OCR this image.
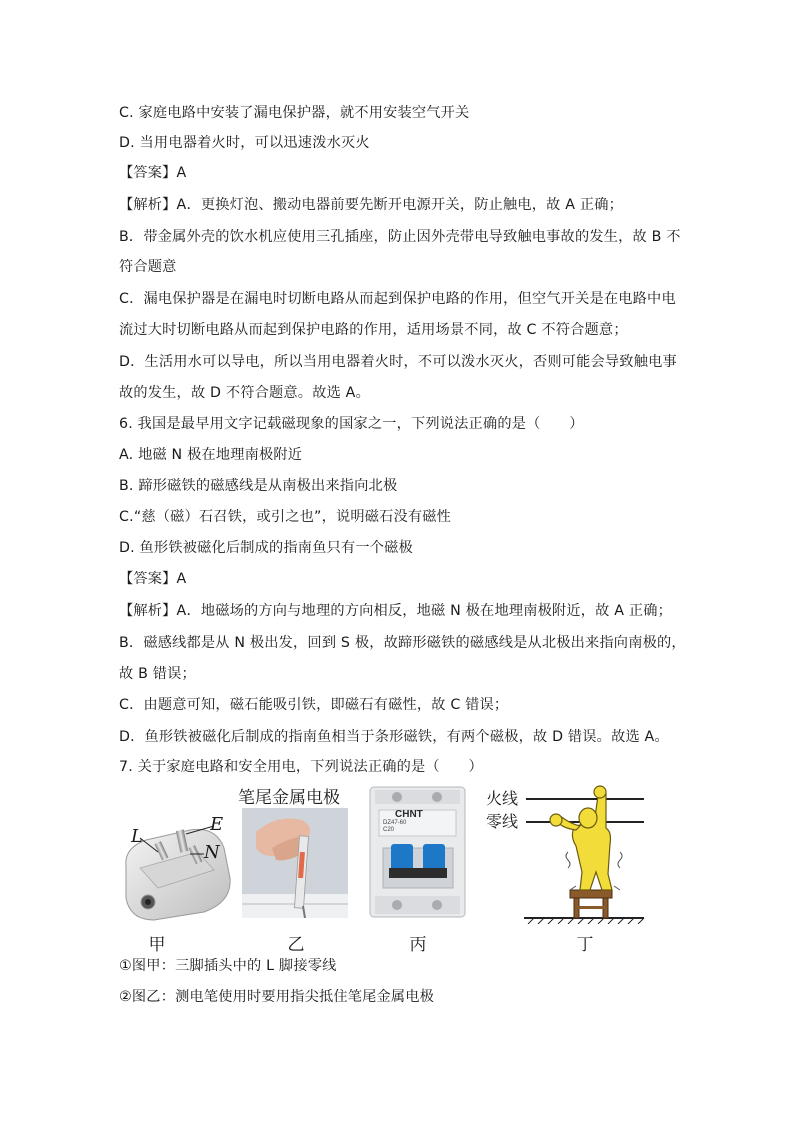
C. 家庭电路中安装了漏电保护器，就不用安装空气开关
D. 当用电器着火时，可以迅速泼水灭火
【答案】A
【解析】A．更换灯泡、搬动电器前要先断开电源开关，防止触电，故 A 正确；
B．带金属外壳的饮水机应使用三孔插座，防止因外壳带电导致触电事故的发生，故 B 不
符合题意
C．漏电保护器是在漏电时切断电路从而起到保护电路的作用，但空气开关是在电路中电
流过大时切断电路从而起到保护电路的作用，适用场景不同，故 C 不符合题意；
D．生活用水可以导电，所以当用电器着火时，不可以泼水灭火，否则可能会导致触电事
故的发生，故 D 不符合题意。故选 A。
6. 我国是最早用文字记载磁现象的国家之一，下列说法正确的是（　　）
A. 地磁 N 极在地理南极附近
B. 蹄形磁铁的磁感线是从南极出来指向北极
C.“慈（磁）石召铁，或引之也”，说明磁石没有磁性
D. 鱼形铁被磁化后制成的指南鱼只有一个磁极
【答案】A
【解析】A．地磁场的方向与地理的方向相反，地磁 N 极在地理南极附近，故 A 正确；
B．磁感线都是从 N 极出发，回到 S 极，故蹄形磁铁的磁感线是从北极出来指向南极的，
故 B 错误；
C．由题意可知，磁石能吸引铁，即磁石有磁性，故 C 错误；
D．鱼形铁被磁化后制成的指南鱼相当于条形磁铁，有两个磁极，故 D 错误。故选 A。
7. 关于家庭电路和安全用电，下列说法正确的是（　　）
L
E
N
甲
笔尾金属电极
乙
CHNT
DZ47-60
C20
丙
火线
零线
丁
①图甲：三脚插头中的 L 脚接零线
②图乙：测电笔使用时要用指尖抵住笔尾金属电极
